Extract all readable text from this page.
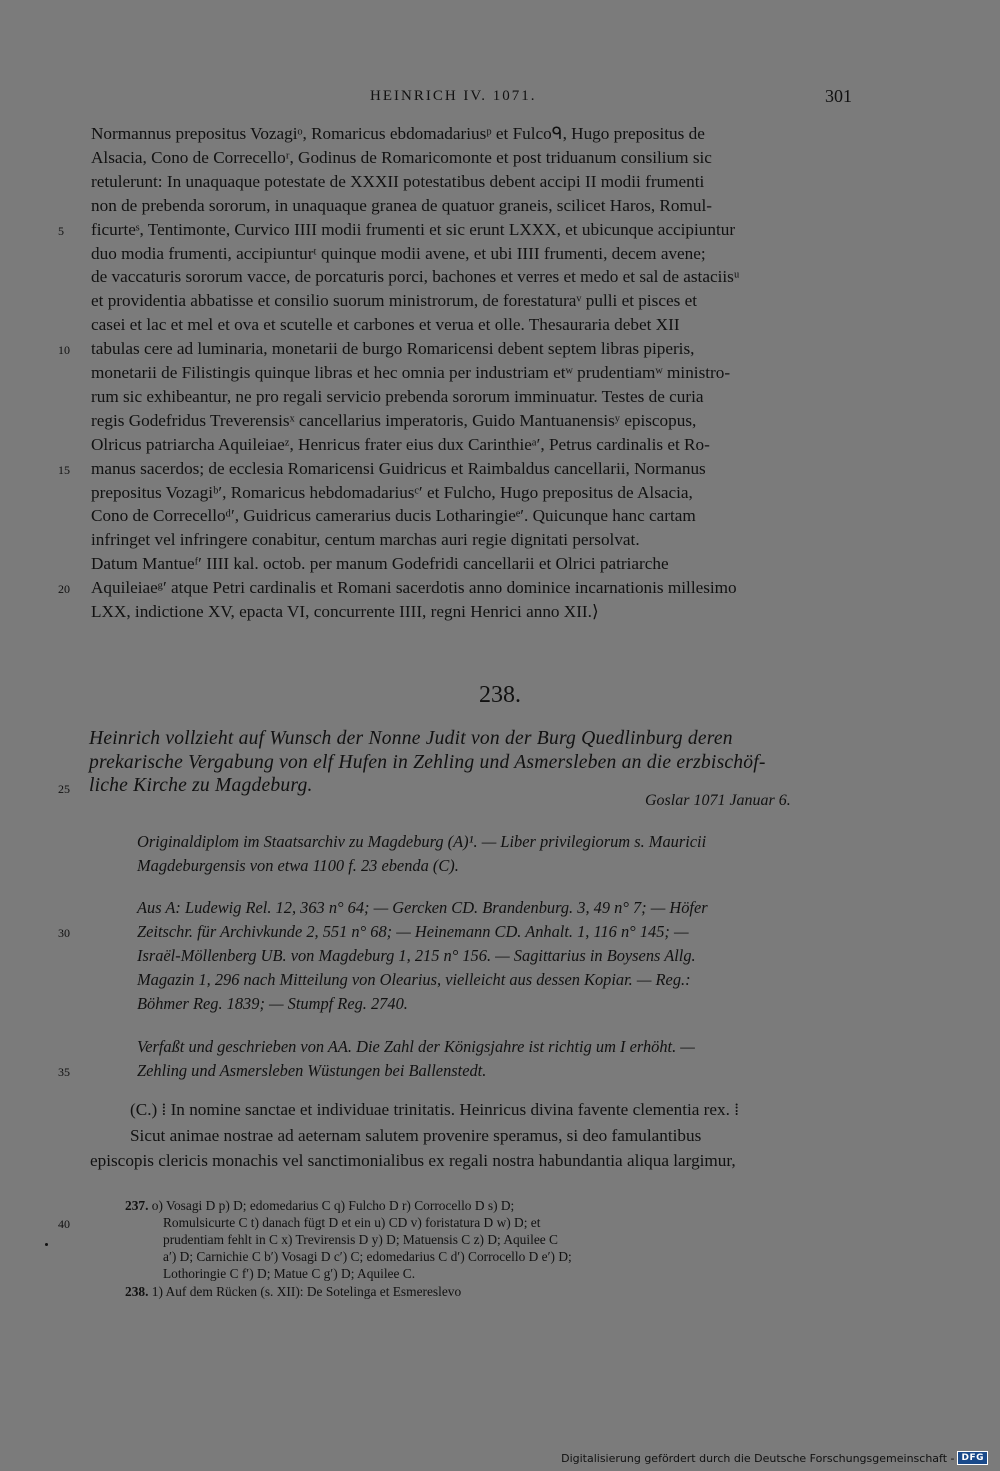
HEINRICH IV. 1071.	301
Normannus prepositus Vozagiᵒ, Romaricus ebdomadariusᵖ et Fulcoᑫ, Hugo prepositus de
Alsacia, Cono de Correcelloʳ, Godinus de Romaricomonte et post triduanum consilium sic
retulerunt: In unaquaque potestate de XXXII potestatibus debent accipi II modii frumenti
non de prebenda sororum, in unaquaque granea de quatuor graneis, scilicet Haros, Romul-
5 ficurteˢ, Tentimonte, Curvico IIII modii frumenti et sic erunt LXXX, et ubicunque accipiuntur
duo modia frumenti, accipiunturᵗ quinque modii avene, et ubi IIII frumenti, decem avene;
de vaccaturis sororum vacce, de porcaturis porci, bachones et verres et medo et sal de astaciisᵘ
et providentia abbatisse et consilio suorum ministrorum, de forestaturaᵛ pulli et pisces et
casei et lac et mel et ova et scutelle et carbones et verua et olle. Thesauraria debet XII
10 tabulas cere ad luminaria, monetarii de burgo Romaricensi debent septem libras piperis,
monetarii de Filistingis quinque libras et hec omnia per industriam etʷ prudentiamʷ ministro-
rum sic exhibeantur, ne pro regali servicio prebenda sororum imminuatur. Testes de curia
regis Godefridus Treverensisˣ cancellarius imperatoris, Guido Mantuanensisʸ episcopus,
Olricus patriarcha Aquileiaeᶻ, Henricus frater eius dux Carinthieᵃ′, Petrus cardinalis et Ro-
15 manus sacerdos; de ecclesia Romaricensi Guidricus et Raimbaldus cancellarii, Normanus
prepositus Vozagiᵇ′, Romaricus hebdomadariusᶜ′ et Fulcho, Hugo prepositus de Alsacia,
Cono de Correcelloᵈ′, Guidricus camerarius ducis Lotharingieᵉ′. Quicunque hanc cartam
infringet vel infringere conabitur, centum marchas auri regie dignitati persolvat.
Datum Mantueᶠ′ IIII kal. octob. per manum Godefridi cancellarii et Olrici patriarche
20 Aquileiaeᵍ′ atque Petri cardinalis et Romani sacerdotis anno dominice incarnationis millesimo
LXX, indictione XV, epacta VI, concurrente IIII, regni Henrici anno XII.⟩
238.
Heinrich vollzieht auf Wunsch der Nonne Judit von der Burg Quedlinburg deren
prekarische Vergabung von elf Hufen in Zehling und Asmersleben an die erzbischöf-
25 liche Kirche zu Magdeburg.
Goslar 1071 Januar 6.
Originaldiplom im Staatsarchiv zu Magdeburg (A)¹. — Liber privilegiorum s. Mauricii
Magdeburgensis von etwa 1100 f. 23 ebenda (C).
Aus A: Ludewig Rel. 12, 363 n° 64; — Gercken CD. Brandenburg. 3, 49 n° 7; — Höfer
30	Zeitschr. für Archivkunde 2, 551 n° 68; — Heinemann CD. Anhalt. 1, 116 n° 145; —
Israël-Möllenberg UB. von Magdeburg 1, 215 n° 156. — Sagittarius in Boysens Allg.
Magazin 1, 296 nach Mitteilung von Olearius, vielleicht aus dessen Kopiar. — Reg.:
Böhmer Reg. 1839; — Stumpf Reg. 2740.
Verfaßt und geschrieben von AA. Die Zahl der Königsjahre ist richtig um I erhöht. —
35	Zehling und Asmersleben Wüstungen bei Ballenstedt.
(C.) ⁞ In nomine sanctae et individuae trinitatis. Heinricus divina favente clementia rex. ⁞
Sicut animae nostrae ad aeternam salutem provenire speramus, si deo famulantibus
episcopis clericis monachis vel sanctimonialibus ex regali nostra habundantia aliqua largimur,
237. o) Vosagi D p) D; edomedarius C q) Fulcho D r) Corrocello D s) D;
40	Romulsicurte C t) danach fügt D et ein u) CD v) foristatura D w) D; et
prudentiam fehlt in C x) Trevirensis D y) D; Matuensis C z) D; Aquilee C
a′) D; Carnichie C b′) Vosagi D c′) C; edomedarius C d′) Corrocello D e′) D;
Lothoringie C f′) D; Matue C g′) D; Aquilee C.
238. 1) Auf dem Rücken (s. XII): De Sotelinga et Esmereslevo
Digitalisierung gefördert durch die Deutsche Forschungsgemeinschaft - DFG
